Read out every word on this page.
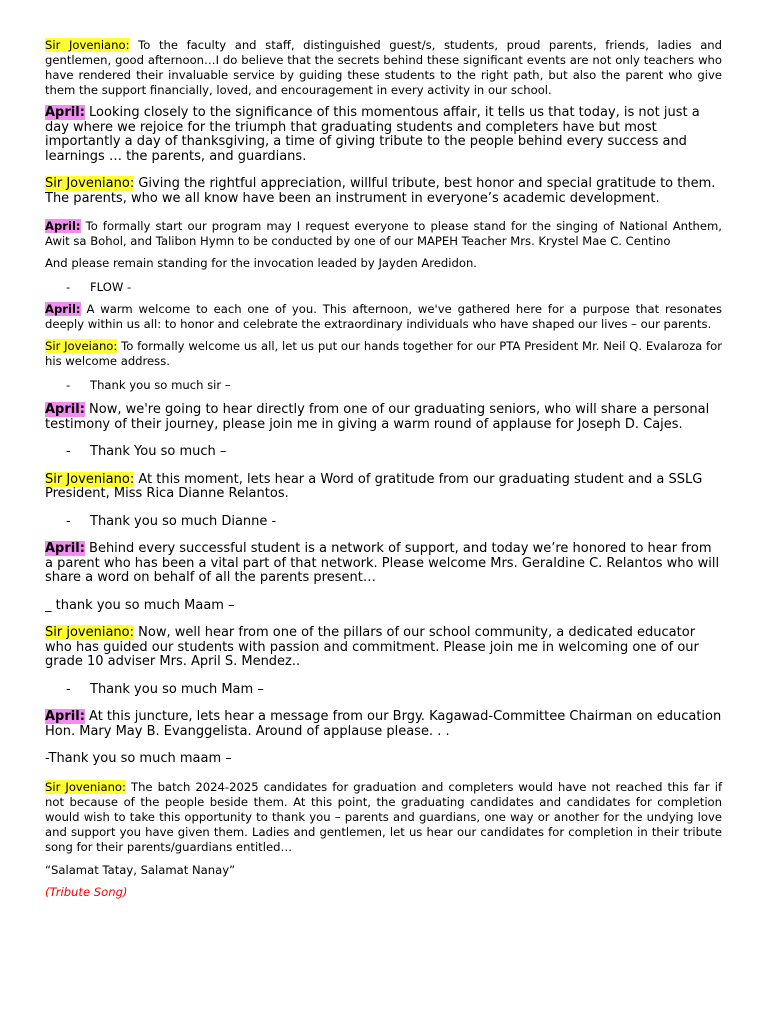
Sir Joveniano: To the faculty and staff, distinguished guest/s, students, proud parents, friends, ladies and gentlemen, good afternoon…I do believe that the secrets behind these significant events are not only teachers who have rendered their invaluable service by guiding these students to the right path, but also the parent who give them the support financially, loved, and encouragement in every activity in our school.

April: Looking closely to the significance of this momentous affair, it tells us that today, is not just a day where we rejoice for the triumph that graduating students and completers have but most importantly a day of thanksgiving, a time of giving tribute to the people behind every success and learnings … the parents, and guardians.

Sir Joveniano: Giving the rightful appreciation, willful tribute, best honor and special gratitude to them. The parents, who we all know have been an instrument in everyone’s academic development.

April: To formally start our program may I request everyone to please stand for the singing of National Anthem, Awit sa Bohol, and Talibon Hymn to be conducted by one of our MAPEH Teacher Mrs. Krystel Mae C. Centino

And please remain standing for the invocation leaded by Jayden Aredidon.

-	FLOW -

April: A warm welcome to each one of you. This afternoon, we've gathered here for a purpose that resonates deeply within us all: to honor and celebrate the extraordinary individuals who have shaped our lives – our parents.

Sir Joveiano: To formally welcome us all, let us put our hands together for our PTA President Mr. Neil Q. Evalaroza for his welcome address.

-	Thank you so much sir –

April: Now, we're going to hear directly from one of our graduating seniors, who will share a personal testimony of their journey, please join me in giving a warm round of applause for Joseph D. Cajes.

-	Thank You so much –

Sir Joveniano: At this moment, lets hear a Word of gratitude from our graduating student and a SSLG President, Miss Rica Dianne Relantos.

-	Thank you so much Dianne -

April: Behind every successful student is a network of support, and today we’re honored to hear from a parent who has been a vital part of that network. Please welcome Mrs. Geraldine C. Relantos who will share a word on behalf of all the parents present…

_ thank you so much Maam –

Sir joveniano: Now, well hear from one of the pillars of our school community, a dedicated educator who has guided our students with passion and commitment. Please join me in welcoming one of our grade 10 adviser Mrs. April S. Mendez..

-	Thank you so much Mam –

April: At this juncture, lets hear a message from our Brgy. Kagawad-Committee Chairman on education Hon. Mary May B. Evanggelista. Around of applause please. . .

-Thank you so much maam –

Sir Joveniano: The batch 2024-2025 candidates for graduation and completers would have not reached this far if not because of the people beside them. At this point, the graduating candidates and candidates for completion would wish to take this opportunity to thank you – parents and guardians, one way or another for the undying love and support you have given them. Ladies and gentlemen, let us hear our candidates for completion in their tribute song for their parents/guardians entitled…

“Salamat Tatay, Salamat Nanay”

(Tribute Song)
